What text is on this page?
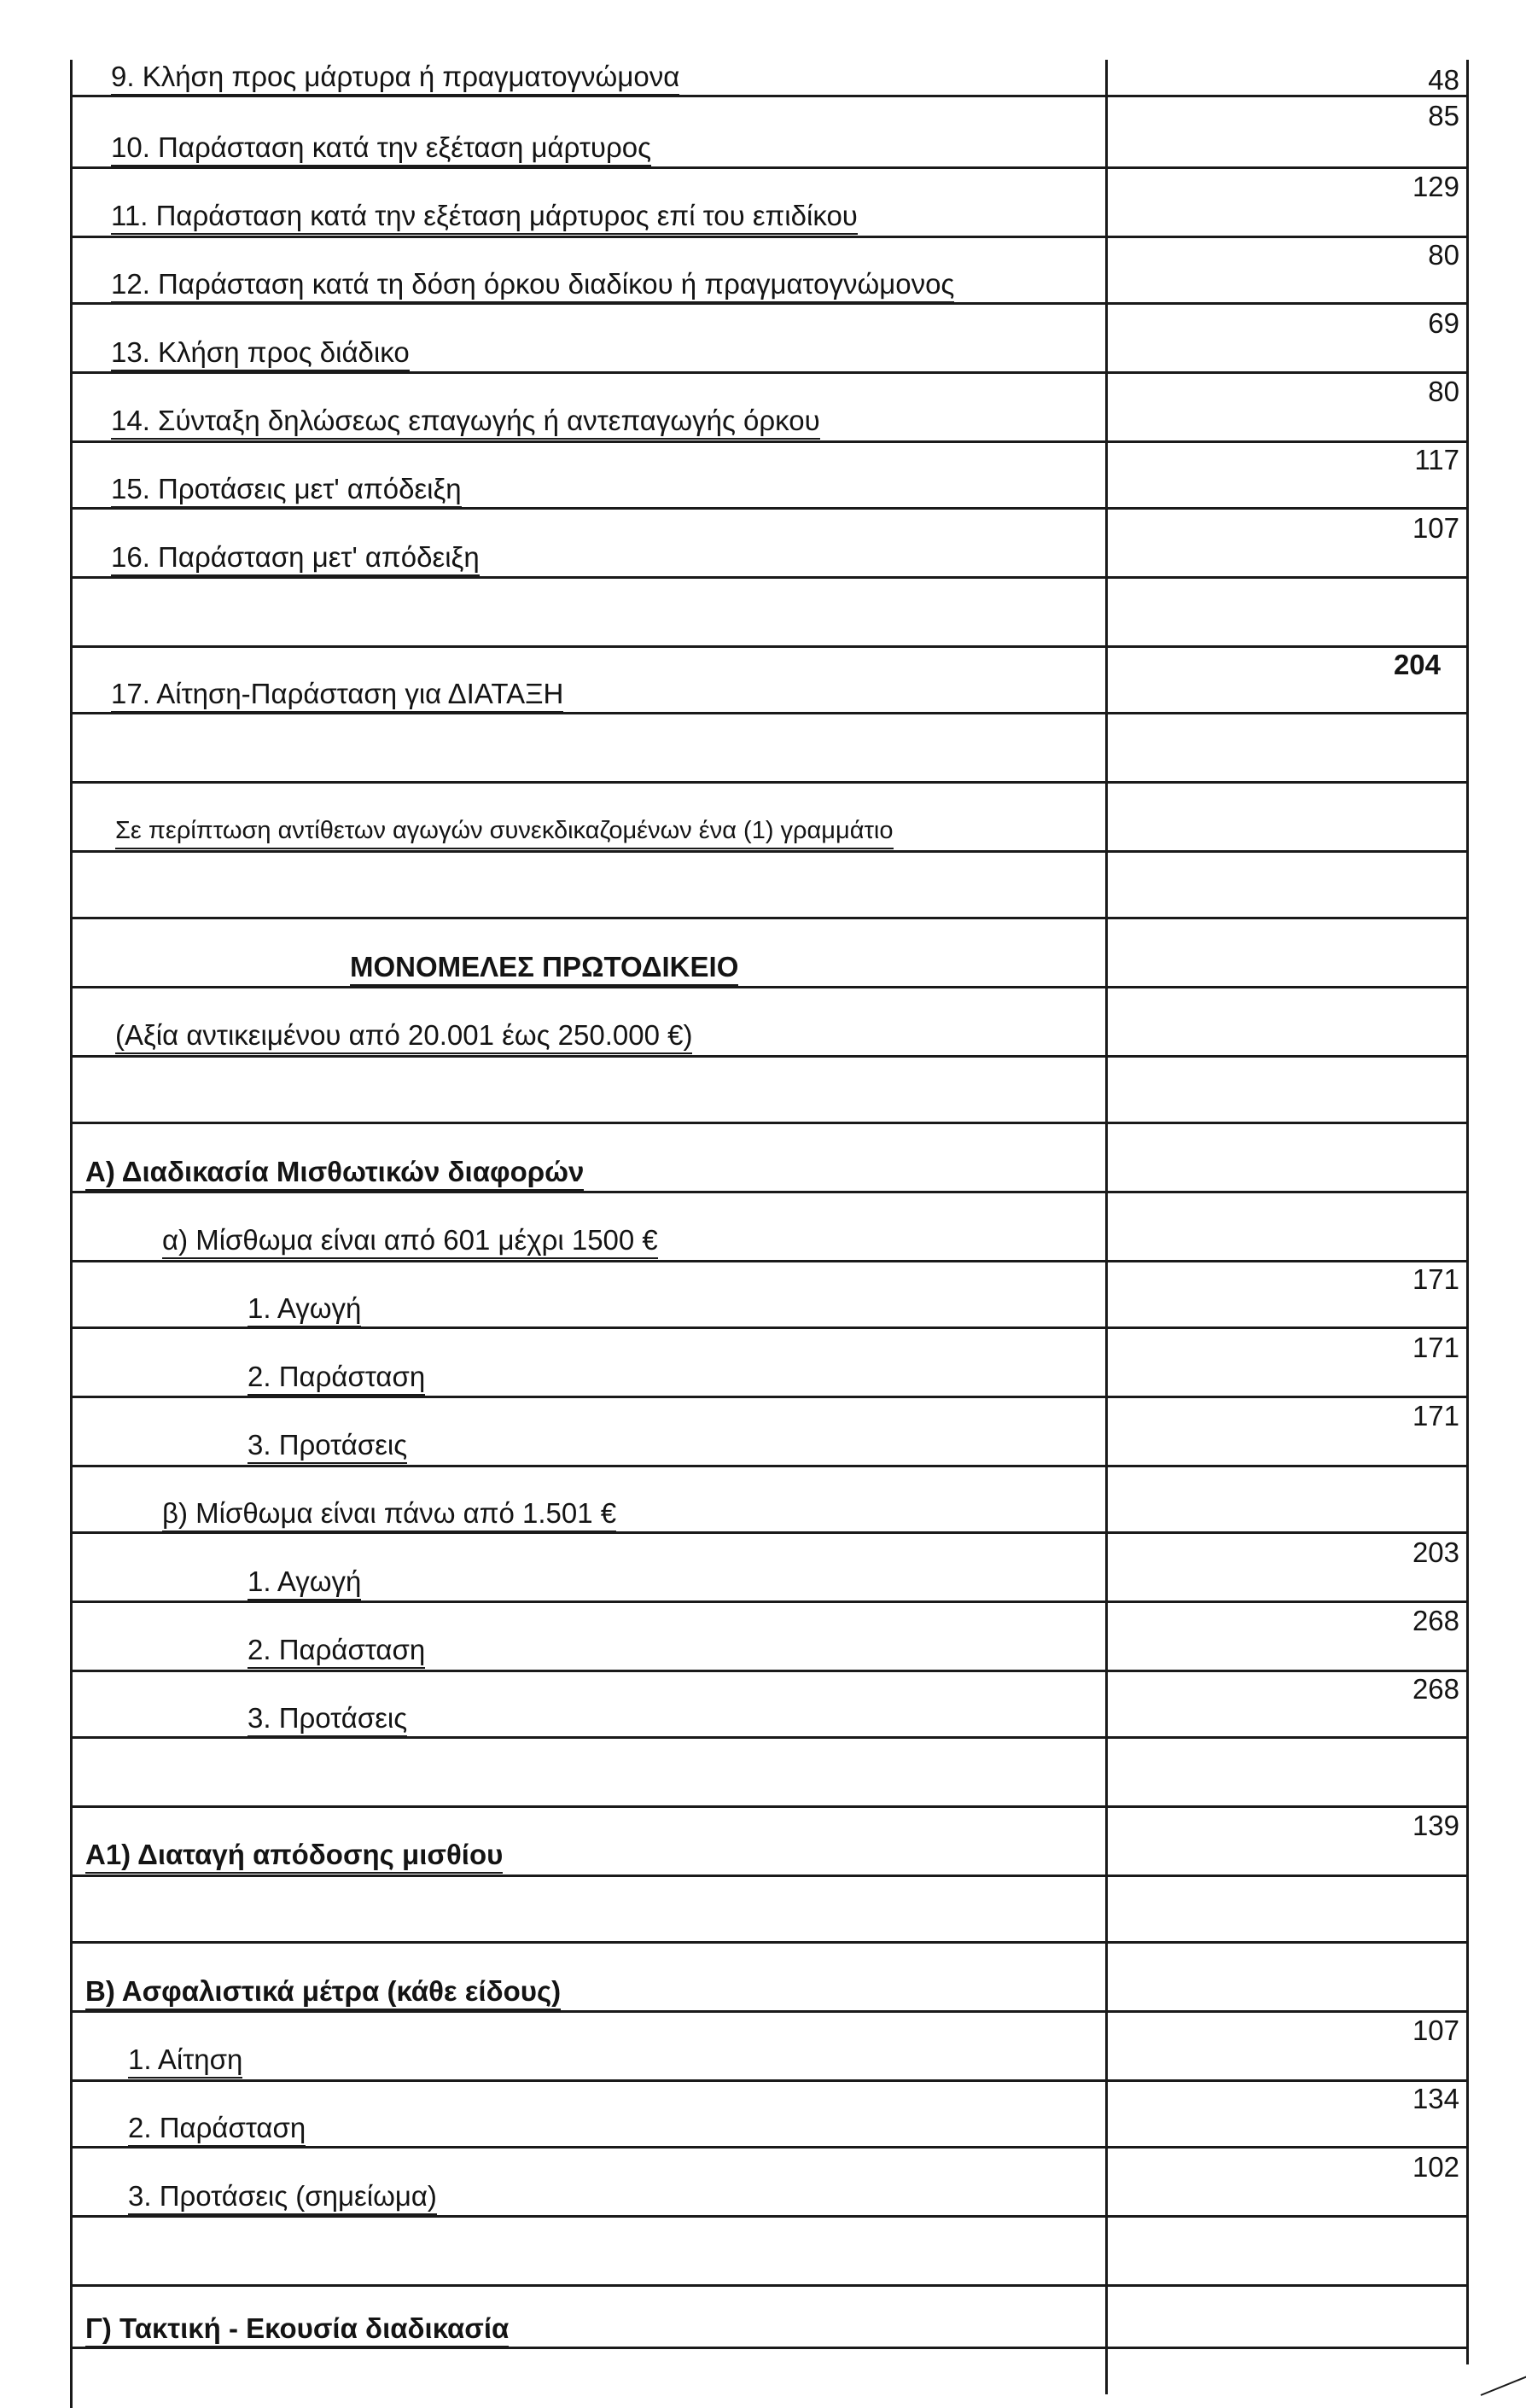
9. Κλήση προς μάρτυρα ή πραγματογνώμονα	48
10. Παράσταση κατά την εξέταση μάρτυρος
85
11. Παράσταση κατά την εξέταση μάρτυρος επί του επιδίκου
129
12. Παράσταση κατά τη δόση όρκου διαδίκου ή πραγματογνώμονος
80
13. Κλήση προς διάδικο
69
14. Σύνταξη δηλώσεως επαγωγής ή αντεπαγωγής όρκου
80
15. Προτάσεις μετ' απόδειξη
117
16. Παράσταση μετ' απόδειξη
107
17. Αίτηση-Παράσταση για ΔΙΑΤΑΞΗ
204
Σε περίπτωση αντίθετων αγωγών συνεκδικαζομένων ένα (1) γραμμάτιο
ΜΟΝΟΜΕΛΕΣ ΠΡΩΤΟΔΙΚΕΙΟ
(Αξία αντικειμένου από 20.001 έως 250.000 €)
Α) Διαδικασία Μισθωτικών διαφορών
α) Μίσθωμα είναι από 601 μέχρι 1500 €
1. Αγωγή
171
2. Παράσταση
171
3. Προτάσεις
171
β) Μίσθωμα είναι πάνω από 1.501 €
1. Αγωγή
203
2. Παράσταση
268
3. Προτάσεις
268
Α1) Διαταγή απόδοσης μισθίου
139
Β) Ασφαλιστικά μέτρα (κάθε είδους)
1. Αίτηση
107
2. Παράσταση
134
3. Προτάσεις (σημείωμα)
102
Γ) Τακτική - Εκουσία διαδικασία
